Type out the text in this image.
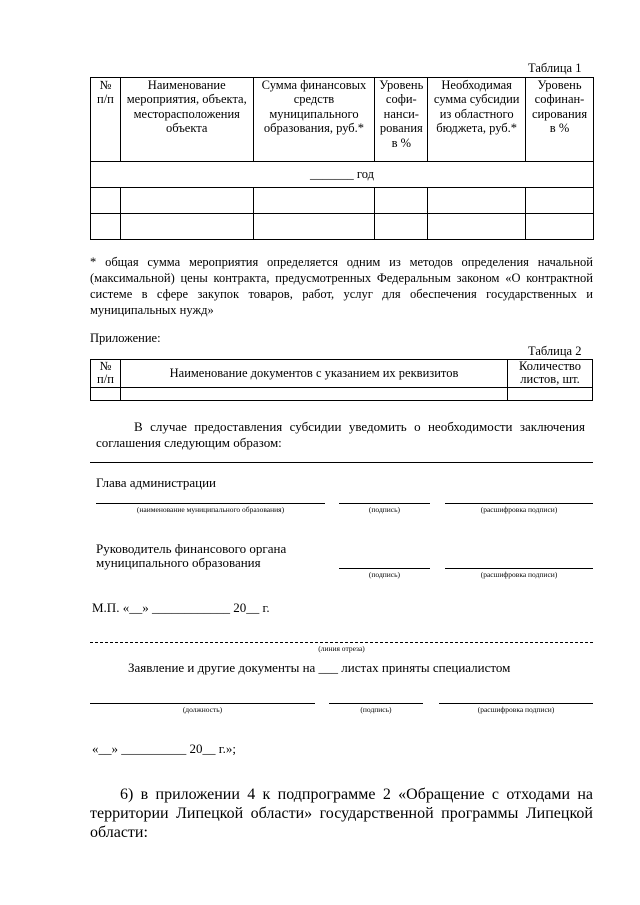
Таблица 1
№ п/п	Наименование мероприятия, объекта, месторасположения объекта	Сумма финансовых средств муниципального образования, руб.*	Уровень софи-нанси-рования в %	Необходимая сумма субсидии из областного бюджета, руб.*	Уровень софинан-сирования в %
_______ год					

* общая сумма мероприятия определяется одним из методов определения начальной (максимальной) цены контракта, предусмотренных Федеральным законом «О контрактной системе в сфере закупок товаров, работ, услуг для обеспечения государственных и муниципальных нужд»
Приложение:
Таблица 2
№ п/п	Наименование документов с указанием их реквизитов	Количество листов, шт.

В случае предоставления субсидии уведомить о необходимости заключения соглашения следующим образом:
Глава администрации
(наименование муниципального образования)	(подпись)	(расшифровка подписи)
Руководитель финансового органа
муниципального образования
(подпись)	(расшифровка подписи)
М.П. «__» ____________ 20__ г.
(линия отреза)
Заявление и другие документы на ___ листах приняты специалистом
(должность)	(подпись)	(расшифровка подписи)
«__» __________ 20__ г.»;
6) в приложении 4 к подпрограмме 2 «Обращение с отходами на территории Липецкой области» государственной программы Липецкой области:
